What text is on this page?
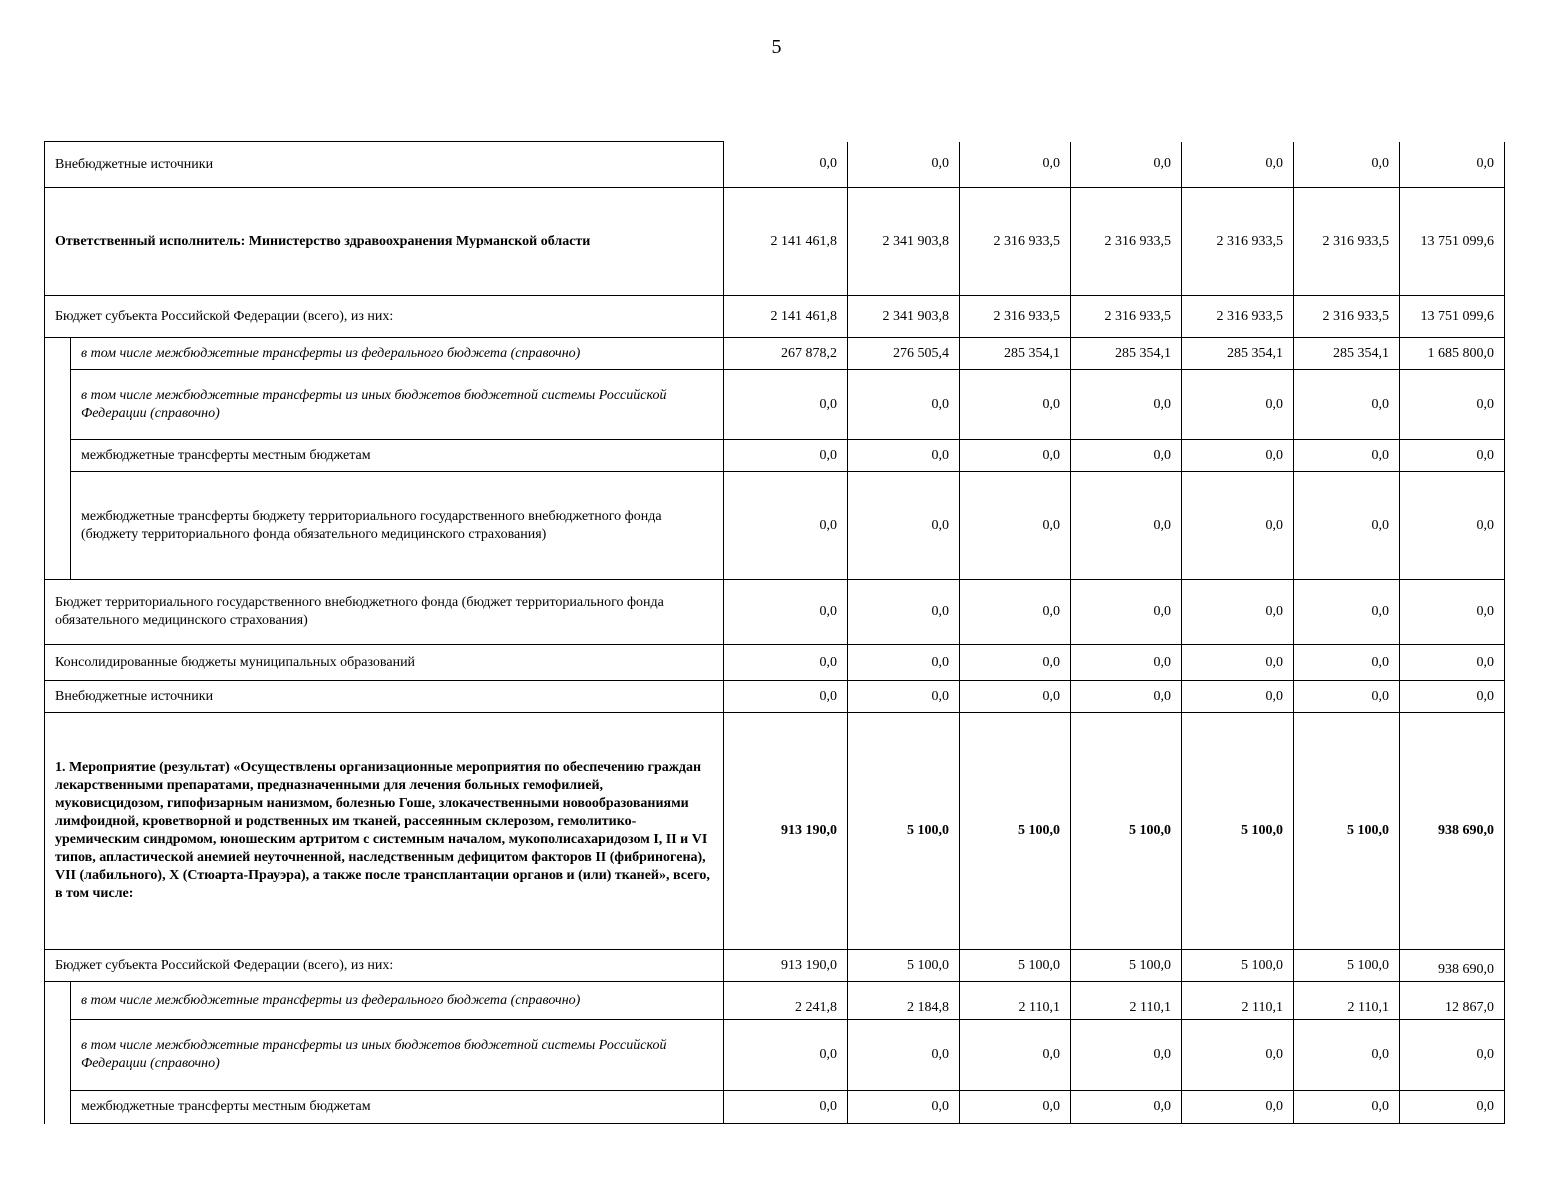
5
Внебюджетные источники		0,0	0,0	0,0	0,0	0,0	0,0	0,0
Ответственный исполнитель: Министерство здравоохранения Мурманской области		2 141 461,8	2 341 903,8	2 316 933,5	2 316 933,5	2 316 933,5	2 316 933,5	13 751 099,6
Бюджет субъекта Российской Федерации (всего), из них:		2 141 461,8	2 341 903,8	2 316 933,5	2 316 933,5	2 316 933,5	2 316 933,5	13 751 099,6
	в том числе межбюджетные трансферты из федерального бюджета (справочно)	267 878,2	276 505,4	285 354,1	285 354,1	285 354,1	285 354,1	1 685 800,0
	в том числе межбюджетные трансферты из иных бюджетов бюджетной системы Российской Федерации (справочно)	0,0	0,0	0,0	0,0	0,0	0,0	0,0
	межбюджетные трансферты местным бюджетам	0,0	0,0	0,0	0,0	0,0	0,0	0,0
	межбюджетные трансферты бюджету территориального государственного внебюджетного фонда (бюджету территориального фонда обязательного медицинского страхования)	0,0	0,0	0,0	0,0	0,0	0,0	0,0
Бюджет территориального государственного внебюджетного фонда (бюджет территориального фонда обязательного медицинского страхования)		0,0	0,0	0,0	0,0	0,0	0,0	0,0
Консолидированные бюджеты муниципальных образований		0,0	0,0	0,0	0,0	0,0	0,0	0,0
Внебюджетные источники		0,0	0,0	0,0	0,0	0,0	0,0	0,0
1. Мероприятие (результат) «Осуществлены организационные мероприятия по обеспечению граждан лекарственными препаратами, предназначенными для лечения больных гемофилией, муковисцидозом, гипофизарным нанизмом, болезнью Гоше, злокачественными новообразованиями лимфоидной, кроветворной и родственных им тканей, рассеянным склерозом, гемолитико-уремическим синдромом, юношеским артритом с системным началом, мукополисахаридозом I, II и VI типов, апластической анемией неуточненной, наследственным дефицитом факторов II (фибриногена), VII (лабильного), X (Стюарта-Прауэра), а также после трансплантации органов и (или) тканей», всего, в том числе:		913 190,0	5 100,0	5 100,0	5 100,0	5 100,0	5 100,0	938 690,0
Бюджет субъекта Российской Федерации (всего), из них:		913 190,0	5 100,0	5 100,0	5 100,0	5 100,0	5 100,0	938 690,0
	в том числе межбюджетные трансферты из федерального бюджета (справочно)	2 241,8	2 184,8	2 110,1	2 110,1	2 110,1	2 110,1	12 867,0
	в том числе межбюджетные трансферты из иных бюджетов бюджетной системы Российской Федерации (справочно)	0,0	0,0	0,0	0,0	0,0	0,0	0,0
	межбюджетные трансферты местным бюджетам	0,0	0,0	0,0	0,0	0,0	0,0	0,0
